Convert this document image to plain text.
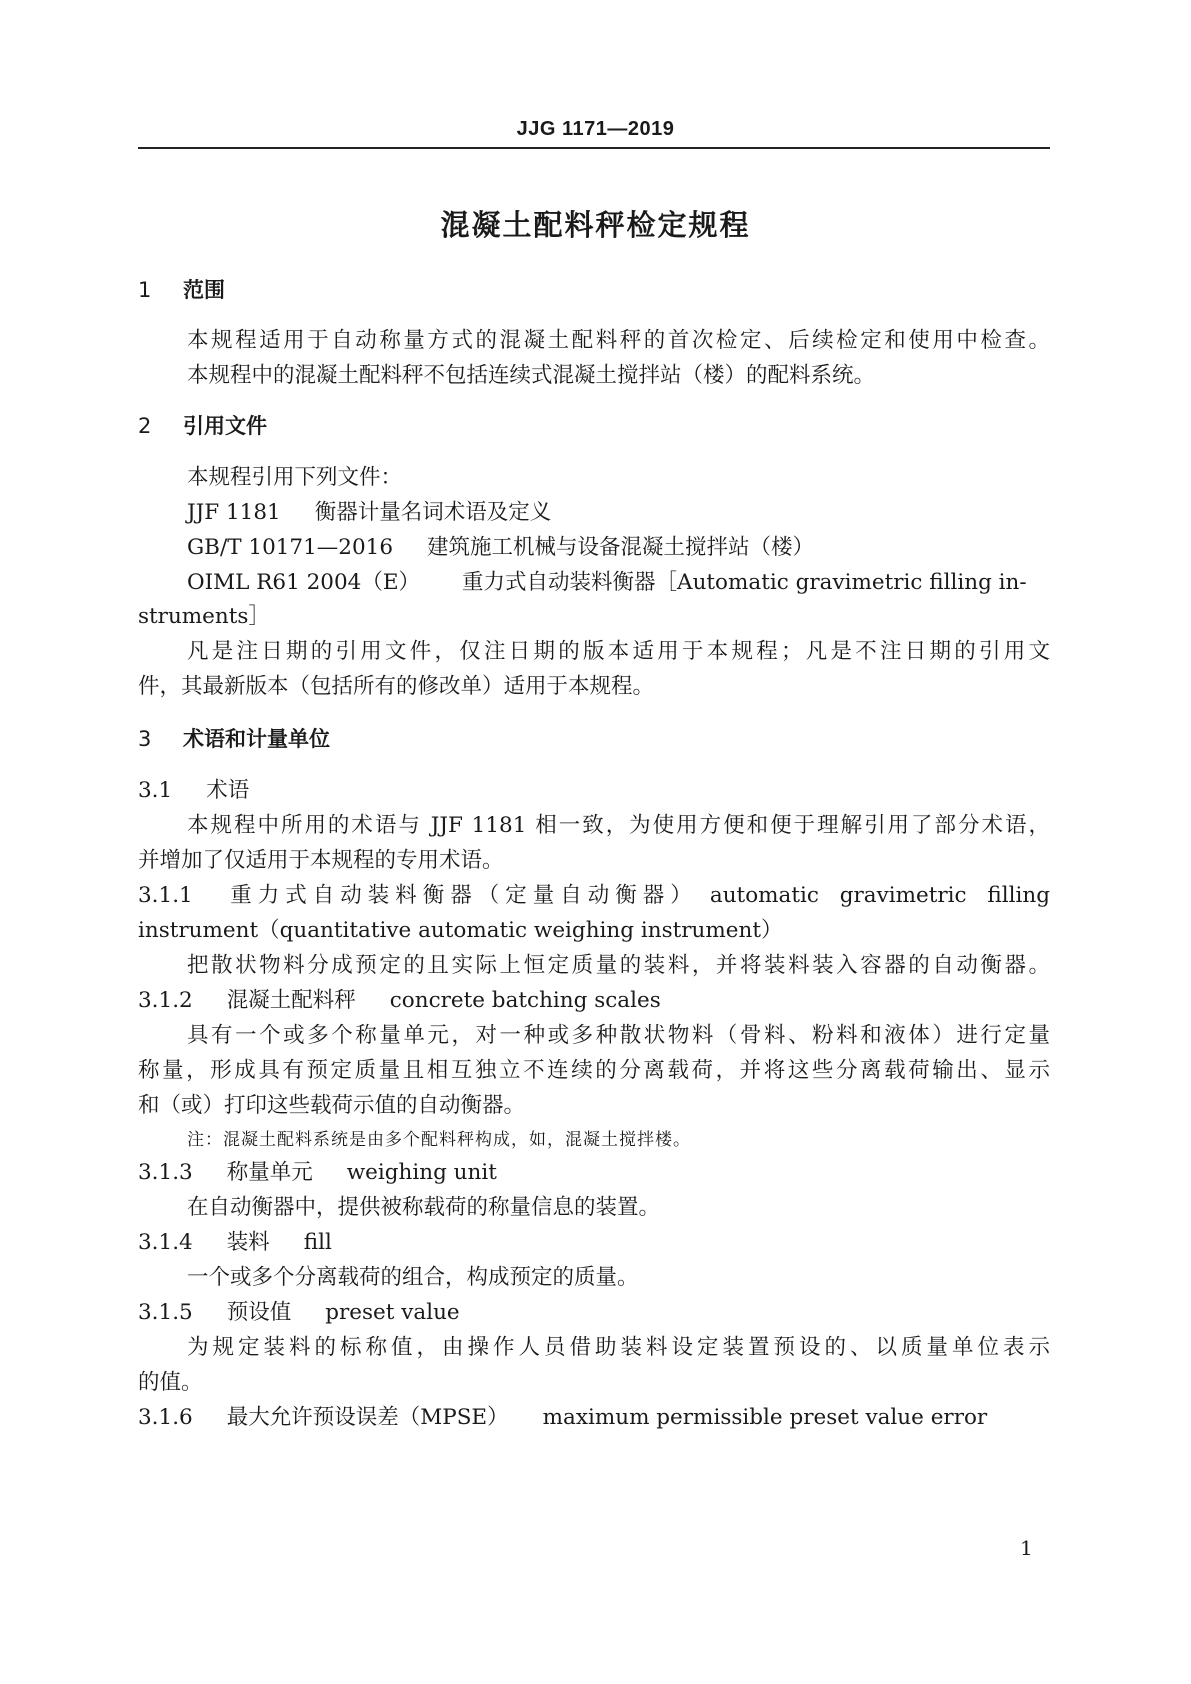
JJG 1171—2019
混凝土配料秤检定规程
1 范围
本规程适用于自动称量方式的混凝土配料秤的首次检定、后续检定和使用中检查。
本规程中的混凝土配料秤不包括连续式混凝土搅拌站（楼）的配料系统。
2 引用文件
本规程引用下列文件：
JJF 1181 衡器计量名词术语及定义
GB/T 10171—2016 建筑施工机械与设备混凝土搅拌站（楼）
OIML R61 2004（E） 重力式自动装料衡器［Automatic gravimetric filling in-
struments］
凡是注日期的引用文件，仅注日期的版本适用于本规程；凡是不注日期的引用文
件，其最新版本（包括所有的修改单）适用于本规程。
3 术语和计量单位
3.1 术语
本规程中所用的术语与 JJF 1181 相一致，为使用方便和便于理解引用了部分术语，
并增加了仅适用于本规程的专用术语。
3.1.1	重力式自动装料衡器（定量自动衡器） automatic gravimetric filling
instrument（quantitative automatic weighing instrument）
把散状物料分成预定的且实际上恒定质量的装料，并将装料装入容器的自动衡器。
3.1.2 混凝土配料秤 concrete batching scales
具有一个或多个称量单元，对一种或多种散状物料（骨料、粉料和液体）进行定量
称量，形成具有预定质量且相互独立不连续的分离载荷，并将这些分离载荷输出、显示
和（或）打印这些载荷示值的自动衡器。
注：混凝土配料系统是由多个配料秤构成，如，混凝土搅拌楼。
3.1.3 称量单元 weighing unit
在自动衡器中，提供被称载荷的称量信息的装置。
3.1.4 装料 fill
一个或多个分离载荷的组合，构成预定的质量。
3.1.5 预设值 preset value
为规定装料的标称值，由操作人员借助装料设定装置预设的、以质量单位表示
的值。
3.1.6 最大允许预设误差（MPSE） maximum permissible preset value error
1
